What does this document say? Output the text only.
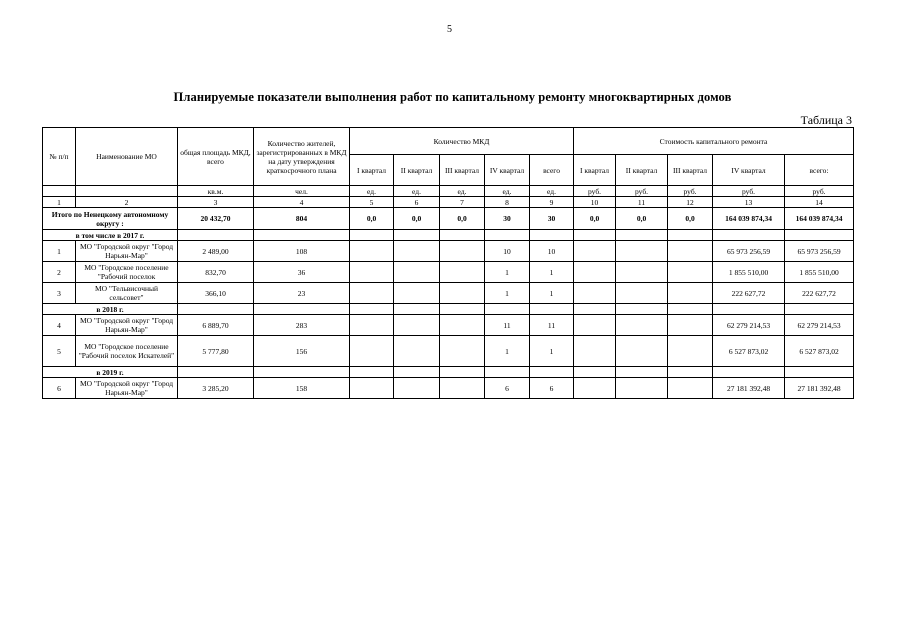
5
Планируемые показатели выполнения работ по капитальному ремонту многоквартирных домов
Таблица 3
№ п/п	Наименование МО	общая площадь МКД, всего	Количество жителей, зарегистрированных в МКД на дату утверждения краткосрочного плана	Количество МКД					Стоимость капитального ремонта				
				I квартал	II квартал	III квартал	IV квартал	всего	I квартал	II квартал	III квартал	IV квартал	всего:
		кв.м.	чел.	ед.	ед.	ед.	ед.	ед.	руб.	руб.	руб.	руб.	руб.
1	2	3	4	5	6	7	8	9	10	11	12	13	14
Итого по Ненецкому автономному округу :		20 432,70	804	0,0	0,0	0,0	30	30	0,0	0,0	0,0	164 039 874,34	164 039 874,34
в том числе в 2017 г.													
1	МО "Городской округ "Город Нарьян-Мар"	2 489,00	108				10	10				65 973 256,59	65 973 256,59
2	МО "Городское поселение "Рабочий поселок	832,70	36				1	1				1 855 510,00	1 855 510,00
3	МО "Тельвисочный сельсовет"	366,10	23				1	1				222 627,72	222 627,72
в 2018 г.													
4	МО "Городской округ "Город Нарьян-Мар"	6 889,70	283				11	11				62 279 214,53	62 279 214,53
5	МО "Городское поселение "Рабочий поселок Искателей"	5 777,80	156				1	1				6 527 873,02	6 527 873,02
в 2019 г.													
6	МО "Городской округ "Город Нарьян-Мар"	3 285,20	158				6	6				27 181 392,48	27 181 392,48
